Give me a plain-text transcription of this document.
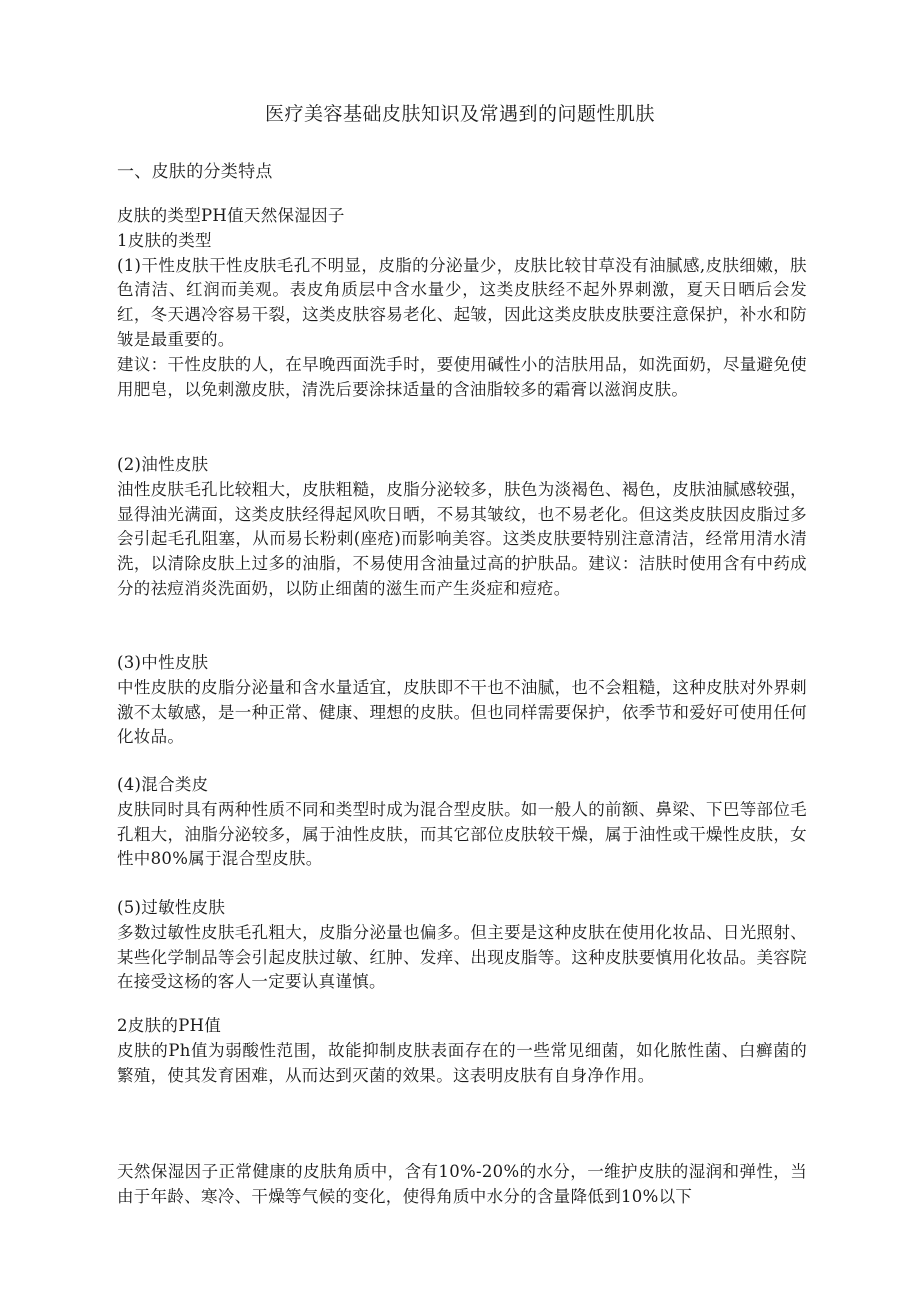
医疗美容基础皮肤知识及常遇到的问题性肌肤
一、皮肤的分类特点

皮肤的类型PH值天然保湿因子

1皮肤的类型

(1)干性皮肤干性皮肤毛孔不明显，皮脂的分泌量少，皮肤比较甘草没有油腻感,皮肤细嫩，肤色清洁、红润而美观。表皮角质层中含水量少，这类皮肤经不起外界刺激，夏天日晒后会发红，冬天遇冷容易干裂，这类皮肤容易老化、起皱，因此这类皮肤皮肤要注意保护，补水和防皱是最重要的。

建议：干性皮肤的人，在早晚西面洗手时，要使用碱性小的洁肤用品，如洗面奶，尽量避免使用肥皂，以免刺激皮肤，清洗后要涂抹适量的含油脂较多的霜膏以滋润皮肤。

(2)油性皮肤

油性皮肤毛孔比较粗大，皮肤粗糙，皮脂分泌较多，肤色为淡褐色、褐色，皮肤油腻感较强，显得油光满面，这类皮肤经得起风吹日晒，不易其皱纹，也不易老化。但这类皮肤因皮脂过多会引起毛孔阻塞，从而易长粉刺(座疮)而影响美容。这类皮肤要特别注意清洁，经常用清水清洗，以清除皮肤上过多的油脂，不易使用含油量过高的护肤品。建议：洁肤时使用含有中药成分的祛痘消炎洗面奶，以防止细菌的滋生而产生炎症和痘疮。

(3)中性皮肤

中性皮肤的皮脂分泌量和含水量适宜，皮肤即不干也不油腻，也不会粗糙，这种皮肤对外界刺激不太敏感，是一种正常、健康、理想的皮肤。但也同样需要保护，依季节和爱好可使用任何化妆品。

(4)混合类皮

皮肤同时具有两种性质不同和类型时成为混合型皮肤。如一般人的前额、鼻梁、下巴等部位毛孔粗大，油脂分泌较多，属于油性皮肤，而其它部位皮肤较干燥，属于油性或干燥性皮肤，女性中80%属于混合型皮肤。

(5)过敏性皮肤

多数过敏性皮肤毛孔粗大，皮脂分泌量也偏多。但主要是这种皮肤在使用化妆品、日光照射、某些化学制品等会引起皮肤过敏、红肿、发痒、出现皮脂等。这种皮肤要慎用化妆品。美容院在接受这杨的客人一定要认真谨慎。

2皮肤的PH值

皮肤的Ph值为弱酸性范围，故能抑制皮肤表面存在的一些常见细菌，如化脓性菌、白癣菌的繁殖，使其发育困难，从而达到灭菌的效果。这表明皮肤有自身净作用。

天然保湿因子正常健康的皮肤角质中，含有10%-20%的水分，一维护皮肤的湿润和弹性，当由于年龄、寒冷、干燥等气候的变化，使得角质中水分的含量降低到10%以下
